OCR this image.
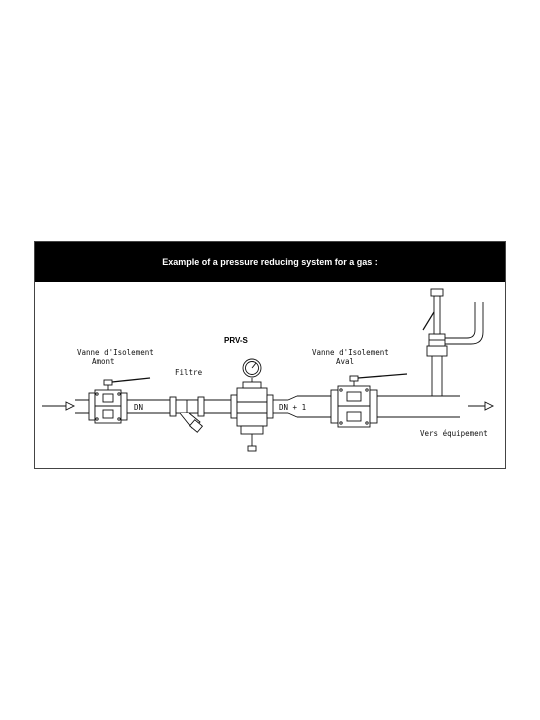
Example of a pressure reducing system for a gas :
Vanne d'Isolement
Amont
Filtre
PRV-S
Vanne d'Isolement
Aval
DN	DN + 1
Vers équipement
